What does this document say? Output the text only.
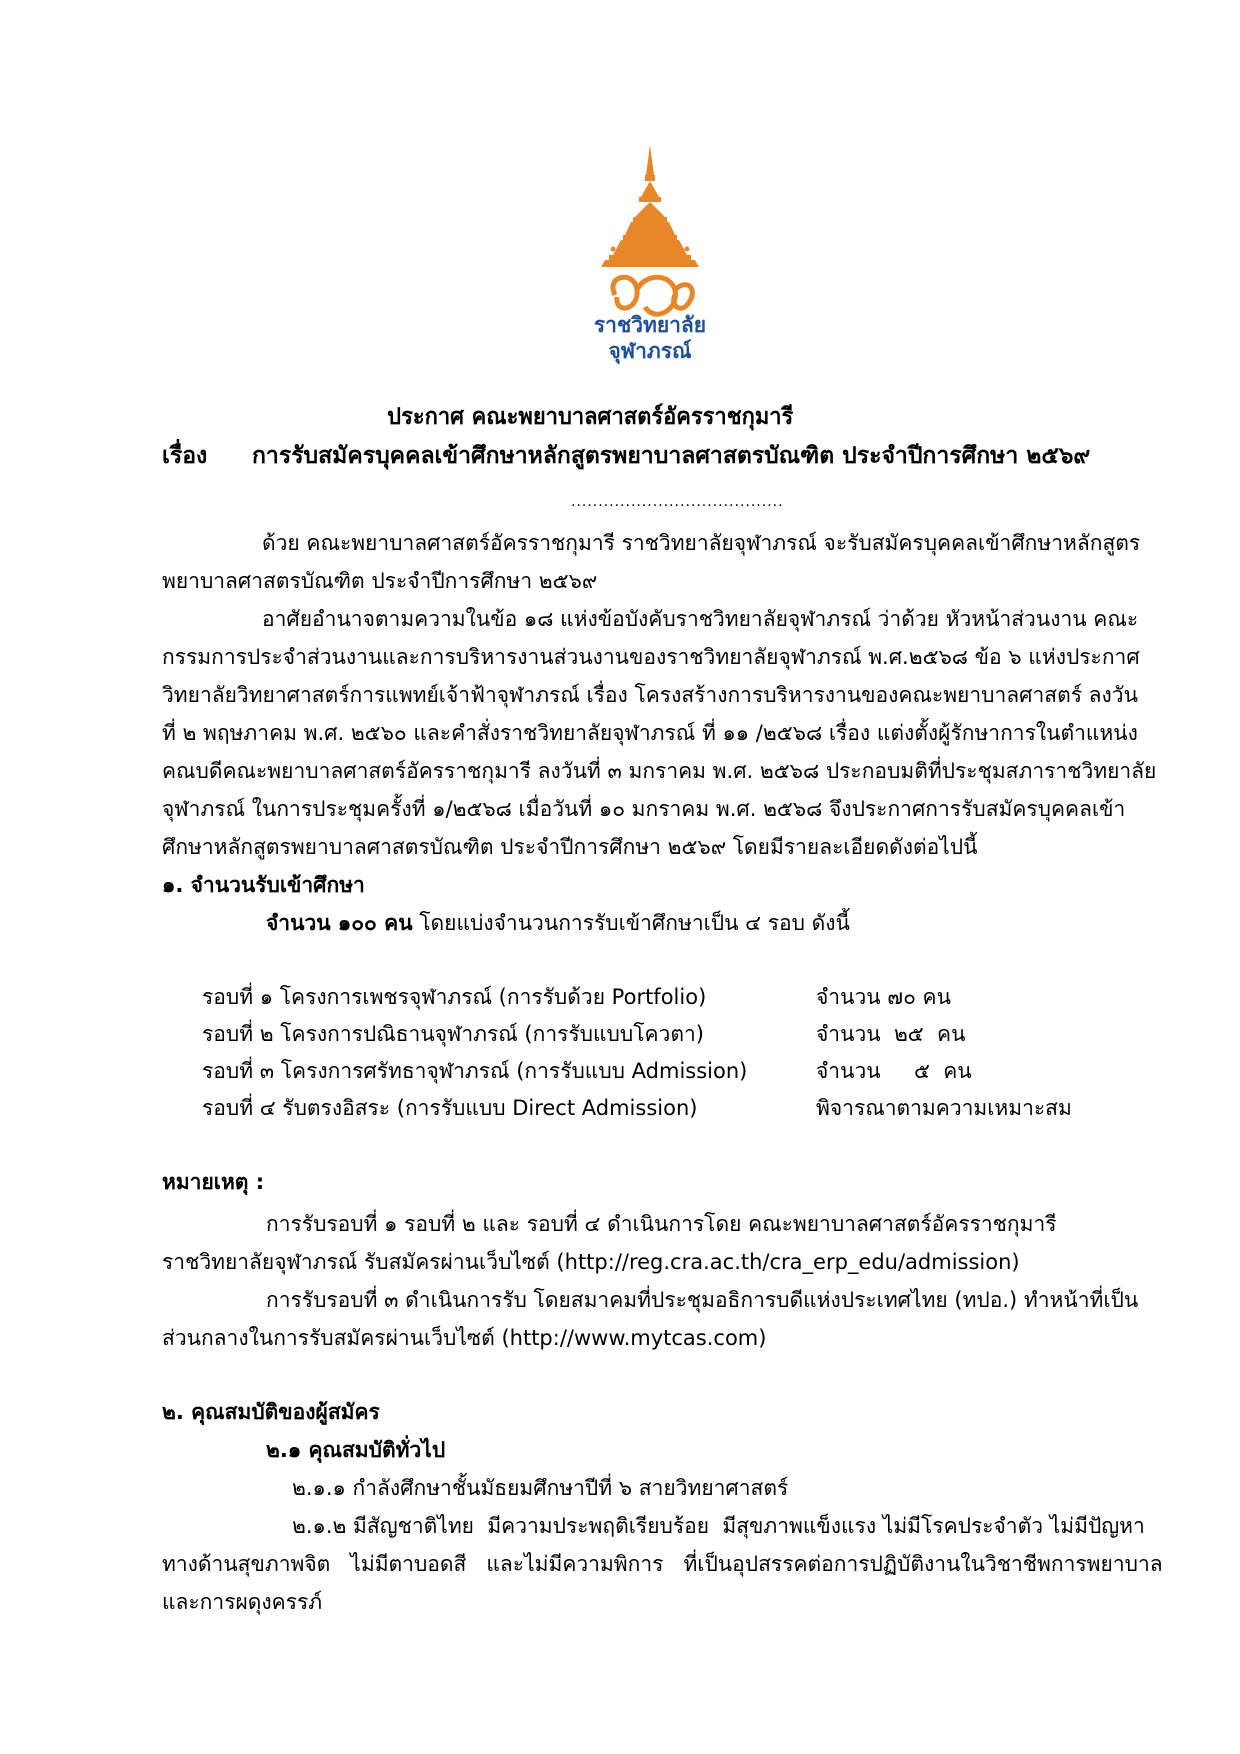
ราชวิทยาลัย
จุฬาภรณ์
ประกาศ คณะพยาบาลศาสตร์อัครราชกุมารี
เรื่อง การรับสมัครบุคคลเข้าศึกษาหลักสูตรพยาบาลศาสตรบัณฑิต ประจำปีการศึกษา ๒๕๖๙
.......................................
ด้วย คณะพยาบาลศาสตร์อัครราชกุมารี ราชวิทยาลัยจุฬาภรณ์ จะรับสมัครบุคคลเข้าศึกษาหลักสูตร
พยาบาลศาสตรบัณฑิต ประจำปีการศึกษา ๒๕๖๙
อาศัยอำนาจตามความในข้อ ๑๘ แห่งข้อบังคับราชวิทยาลัยจุฬาภรณ์ ว่าด้วย หัวหน้าส่วนงาน คณะ
กรรมการประจำส่วนงานและการบริหารงานส่วนงานของราชวิทยาลัยจุฬาภรณ์ พ.ศ.๒๕๖๘ ข้อ ๖ แห่งประกาศ
วิทยาลัยวิทยาศาสตร์การแพทย์เจ้าฟ้าจุฬาภรณ์ เรื่อง โครงสร้างการบริหารงานของคณะพยาบาลศาสตร์ ลงวัน
ที่ ๒ พฤษภาคม พ.ศ. ๒๕๖๐ และคำสั่งราชวิทยาลัยจุฬาภรณ์ ที่ ๑๑ /๒๕๖๘ เรื่อง แต่งตั้งผู้รักษาการในตำแหน่ง
คณบดีคณะพยาบาลศาสตร์อัครราชกุมารี ลงวันที่ ๓ มกราคม พ.ศ. ๒๕๖๘ ประกอบมติที่ประชุมสภาราชวิทยาลัย
จุฬาภรณ์ ในการประชุมครั้งที่ ๑/๒๕๖๘ เมื่อวันที่ ๑๐ มกราคม พ.ศ. ๒๕๖๘ จึงประกาศการรับสมัครบุคคลเข้า
ศึกษาหลักสูตรพยาบาลศาสตรบัณฑิต ประจำปีการศึกษา ๒๕๖๙ โดยมีรายละเอียดดังต่อไปนี้
๑. จำนวนรับเข้าศึกษา
จำนวน ๑๐๐ คน โดยแบ่งจำนวนการรับเข้าศึกษาเป็น ๔ รอบ ดังนี้
รอบที่ ๑ โครงการเพชรจุฬาภรณ์ (การรับด้วย Portfolio)	จำนวน ๗๐ คน
รอบที่ ๒ โครงการปณิธานจุฬาภรณ์ (การรับแบบโควตา)	จำนวน  ๒๕  คน
รอบที่ ๓ โครงการศรัทธาจุฬาภรณ์ (การรับแบบ Admission)	จำนวน     ๕  คน
รอบที่ ๔ รับตรงอิสระ (การรับแบบ Direct Admission)	พิจารณาตามความเหมาะสม
หมายเหตุ :
การรับรอบที่ ๑ รอบที่ ๒ และ รอบที่ ๔ ดำเนินการโดย คณะพยาบาลศาสตร์อัครราชกุมารี
ราชวิทยาลัยจุฬาภรณ์ รับสมัครผ่านเว็บไซต์ (http://reg.cra.ac.th/cra_erp_edu/admission)
การรับรอบที่ ๓ ดำเนินการรับ โดยสมาคมที่ประชุมอธิการบดีแห่งประเทศไทย (ทปอ.) ทำหน้าที่เป็น
ส่วนกลางในการรับสมัครผ่านเว็บไซต์ (http://www.mytcas.com)
๒. คุณสมบัติของผู้สมัคร
๒.๑ คุณสมบัติทั่วไป
๒.๑.๑ กำลังศึกษาชั้นมัธยมศึกษาปีที่ ๖ สายวิทยาศาสตร์
๒.๑.๒ มีสัญชาติไทย  มีความประพฤติเรียบร้อย  มีสุขภาพแข็งแรง ไม่มีโรคประจำตัว ไม่มีปัญหา
ทางด้านสุขภาพจิต   ไม่มีตาบอดสี   และไม่มีความพิการ   ที่เป็นอุปสรรคต่อการปฏิบัติงานในวิชาชีพการพยาบาล
และการผดุงครรภ์
